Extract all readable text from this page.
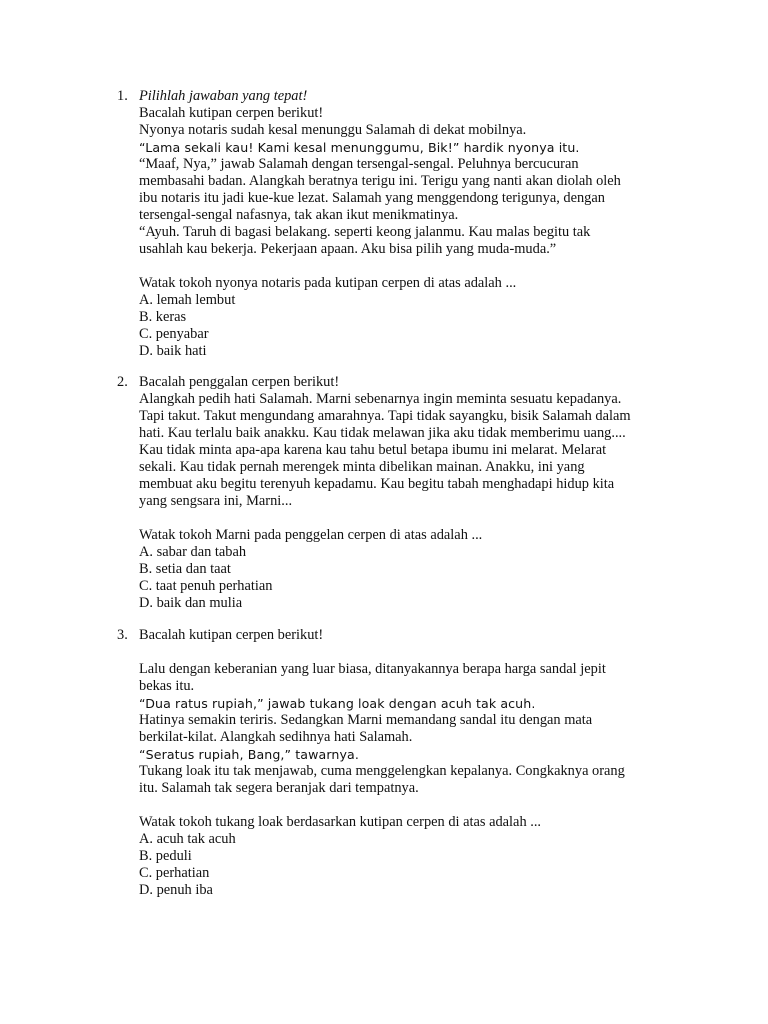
1. Pilihlah jawaban yang tepat!
Bacalah kutipan cerpen berikut!
Nyonya notaris sudah kesal menunggu Salamah di dekat mobilnya.
“Lama sekali kau! Kami kesal menunggumu, Bik!” hardik nyonya itu.
“Maaf, Nya,” jawab Salamah dengan tersengal-sengal. Peluhnya bercucuran
membasahi badan. Alangkah beratnya terigu ini. Terigu yang nanti akan diolah oleh
ibu notaris itu jadi kue-kue lezat. Salamah yang menggendong terigunya, dengan
tersengal-sengal nafasnya, tak akan ikut menikmatinya.
“Ayuh. Taruh di bagasi belakang. seperti keong jalanmu. Kau malas begitu tak
usahlah kau bekerja. Pekerjaan apaan. Aku bisa pilih yang muda-muda.”
Watak tokoh nyonya notaris pada kutipan cerpen di atas adalah ...
A. lemah lembut
B. keras
C. penyabar
D. baik hati
2. Bacalah penggalan cerpen berikut!
Alangkah pedih hati Salamah. Marni sebenarnya ingin meminta sesuatu kepadanya.
Tapi takut. Takut mengundang amarahnya. Tapi tidak sayangku, bisik Salamah dalam
hati. Kau terlalu baik anakku. Kau tidak melawan jika aku tidak memberimu uang....
Kau tidak minta apa-apa karena kau tahu betul betapa ibumu ini melarat. Melarat
sekali. Kau tidak pernah merengek minta dibelikan mainan. Anakku, ini yang
membuat aku begitu terenyuh kepadamu. Kau begitu tabah menghadapi hidup kita
yang sengsara ini, Marni...
Watak tokoh Marni pada penggelan cerpen di atas adalah ...
A. sabar dan tabah
B. setia dan taat
C. taat penuh perhatian
D. baik dan mulia
3. Bacalah kutipan cerpen berikut!
Lalu dengan keberanian yang luar biasa, ditanyakannya berapa harga sandal jepit
bekas itu.
“Dua ratus rupiah,” jawab tukang loak dengan acuh tak acuh.
Hatinya semakin teriris. Sedangkan Marni memandang sandal itu dengan mata
berkilat-kilat. Alangkah sedihnya hati Salamah.
“Seratus rupiah, Bang,” tawarnya.
Tukang loak itu tak menjawab, cuma menggelengkan kepalanya. Congkaknya orang
itu. Salamah tak segera beranjak dari tempatnya.
Watak tokoh tukang loak berdasarkan kutipan cerpen di atas adalah ...
A. acuh tak acuh
B. peduli
C. perhatian
D. penuh iba
